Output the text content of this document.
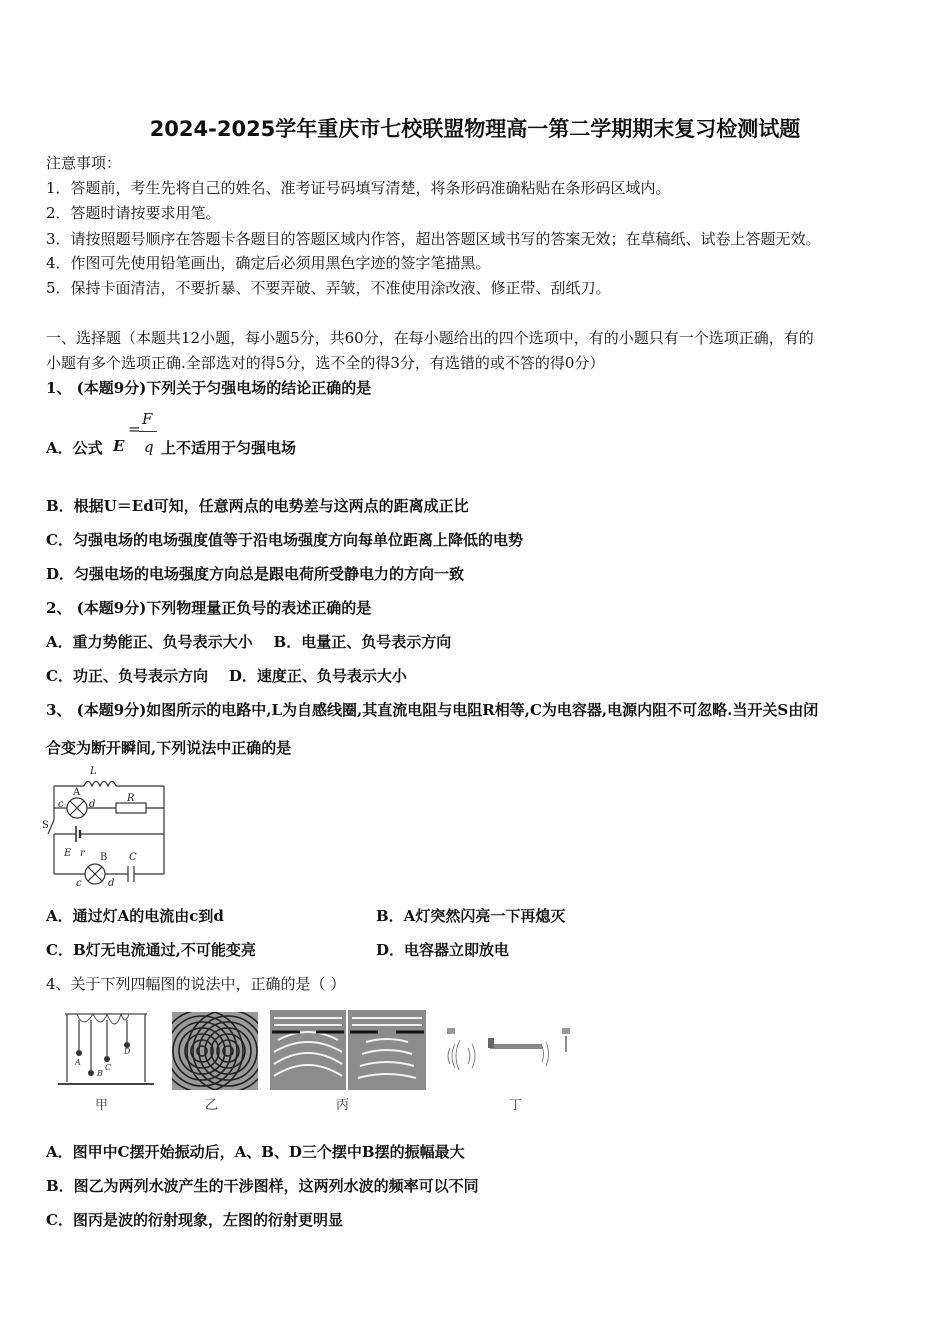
2024-2025学年重庆市七校联盟物理高一第二学期期末复习检测试题
注意事项：
1．答题前，考生先将自己的姓名、准考证号码填写清楚，将条形码准确粘贴在条形码区域内。
2．答题时请按要求用笔。
3．请按照题号顺序在答题卡各题目的答题区域内作答，超出答题区域书写的答案无效；在草稿纸、试卷上答题无效。
4．作图可先使用铅笔画出，确定后必须用黑色字迹的签字笔描黑。
5．保持卡面清洁，不要折暴、不要弄破、弄皱，不准使用涂改液、修正带、刮纸刀。
一、选择题（本题共12小题，每小题5分，共60分，在每小题给出的四个选项中，有的小题只有一个选项正确，有的
小题有多个选项正确.全部选对的得5分，选不全的得3分，有选错的或不答的得0分）
1、 (本题9分)下列关于匀强电场的结论正确的是
A．公式 E
=
F
q 上不适用于匀强电场
B．根据U＝Ed可知，任意两点的电势差与这两点的距离成正比
C．匀强电场的电场强度值等于沿电场强度方向每单位距离上降低的电势
D．匀强电场的电场强度方向总是跟电荷所受静电力的方向一致
2、 (本题9分)下列物理量正负号的表述正确的是
A．重力势能正、负号表示大小    B．电量正、负号表示方向
C．功正、负号表示方向    D．速度正、负号表示大小
3、 (本题9分)如图所示的电路中,L为自感线圈,其直流电阻与电阻R相等,C为电容器,电源内阻不可忽略.当开关S由闭
合变为断开瞬间,下列说法中正确的是
L
A
c	d
R
S
E r B
c	d
C
A．通过灯A的电流由c到d	B．A灯突然闪亮一下再熄灭
C．B灯无电流通过,不可能变亮	D．电容器立即放电
4、关于下列四幅图的说法中，正确的是（ ）
A
B
C
D
甲	乙	丙	丁
A．图甲中C摆开始振动后，A、B、D三个摆中B摆的振幅最大
B．图乙为两列水波产生的干涉图样，这两列水波的频率可以不同
C．图丙是波的衍射现象，左图的衍射更明显
